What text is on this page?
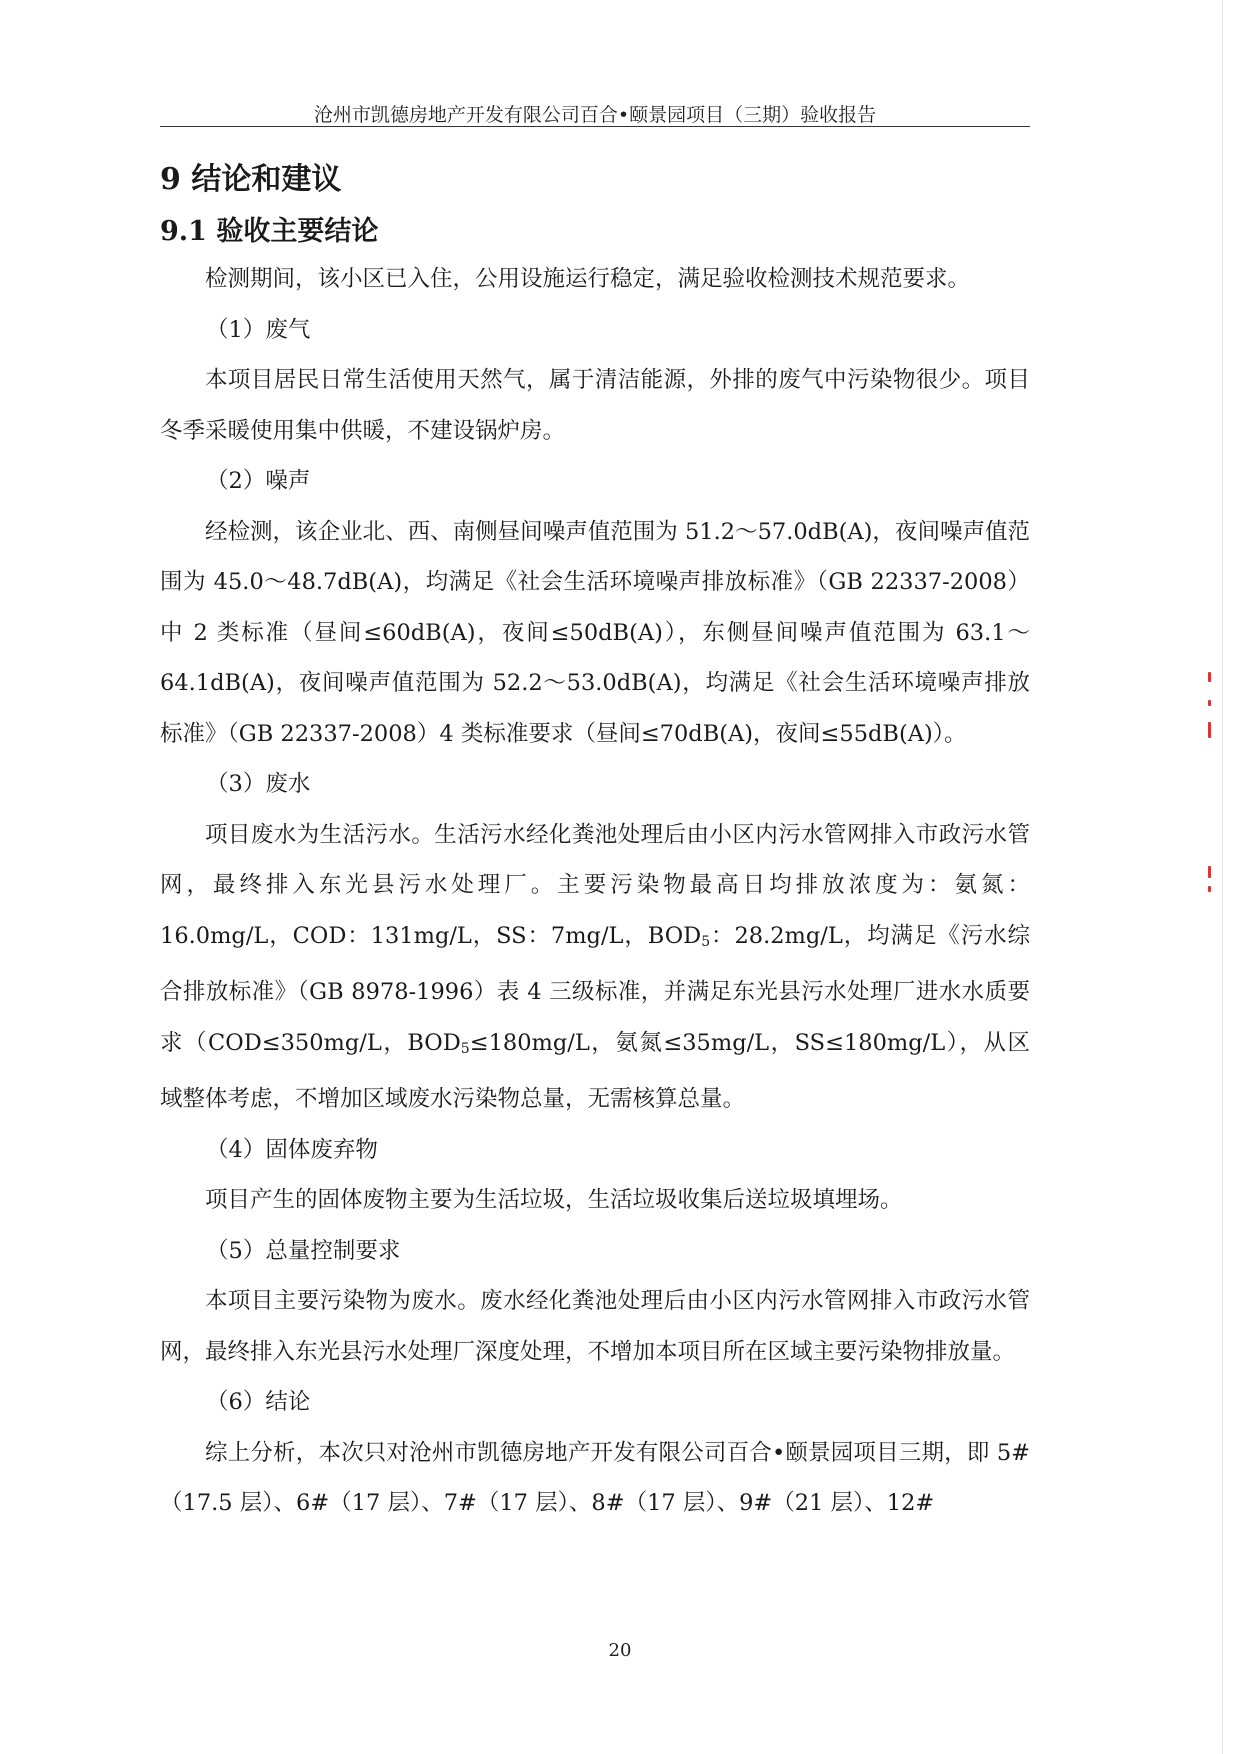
沧州市凯德房地产开发有限公司百合•颐景园项目（三期）验收报告
9 结论和建议
9.1 验收主要结论

检测期间，该小区已入住，公用设施运行稳定，满足验收检测技术规范要求。

（1）废气

本项目居民日常生活使用天然气，属于清洁能源，外排的废气中污染物很少。项目冬季采暖使用集中供暖，不建设锅炉房。

（2）噪声

经检测，该企业北、西、南侧昼间噪声值范围为 51.2～57.0dB(A)，夜间噪声值范围为 45.0～48.7dB(A)，均满足《社会生活环境噪声排放标准》（GB 22337-2008）中 2 类标准（昼间≤60dB(A)，夜间≤50dB(A)），东侧昼间噪声值范围为 63.1～64.1dB(A)，夜间噪声值范围为 52.2～53.0dB(A)，均满足《社会生活环境噪声排放标准》（GB 22337-2008）4 类标准要求（昼间≤70dB(A)，夜间≤55dB(A)）。

（3）废水

项目废水为生活污水。生活污水经化粪池处理后由小区内污水管网排入市政污水管网，最终排入东光县污水处理厂。主要污染物最高日均排放浓度为：氨氮：16.0mg/L，COD：131mg/L，SS：7mg/L，$BOD_5$：28.2mg/L，均满足《污水综合排放标准》（GB 8978-1996）表 4 三级标准，并满足东光县污水处理厂进水水质要求（COD≤350mg/L，$BOD_5\le 180mg/L$，氨氮≤35mg/L，SS≤180mg/L），从区域整体考虑，不增加区域废水污染物总量，无需核算总量。

（4）固体废弃物

项目产生的固体废物主要为生活垃圾，生活垃圾收集后送垃圾填埋场。

（5）总量控制要求

本项目主要污染物为废水。废水经化粪池处理后由小区内污水管网排入市政污水管网，最终排入东光县污水处理厂深度处理，不增加本项目所在区域主要污染物排放量。

（6）结论

综上分析，本次只对沧州市凯德房地产开发有限公司百合•颐景园项目三期，即 5#（17.5 层）、6#（17 层）、7#（17 层）、8#（17 层）、9#（21 层）、12#

20
